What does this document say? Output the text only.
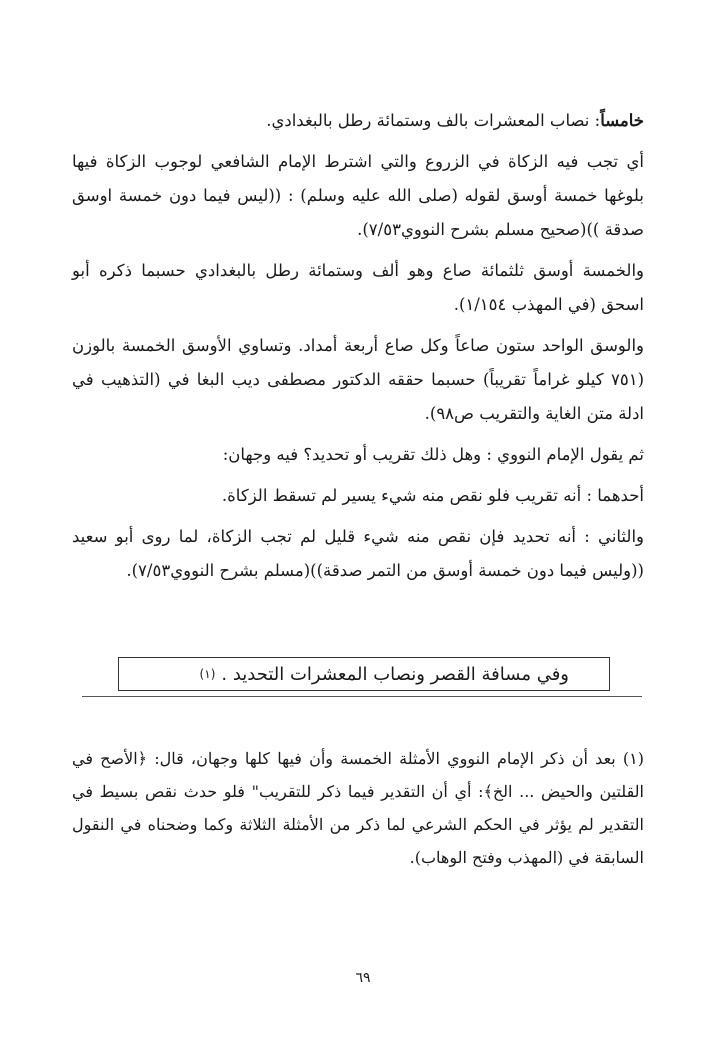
خامساً: نصاب المعشرات بالف وستمائة رطل بالبغدادي.

أي تجب فيه الزكاة في الزروع والتي اشترط الإمام الشافعي لوجوب الزكاة فيها بلوغها خمسة أوسق لقوله (صلى الله عليه وسلم) : ((ليس فيما دون خمسة اوسق صدقة ))(صحيح مسلم بشرح النووي٧/٥٣).

والخمسة أوسق ثلثمائة صاع وهو ألف وستمائة رطل بالبغدادي حسبما ذكره أبو اسحق (في المهذب ١/١٥٤).

والوسق الواحد ستون صاعاً وكل صاع أربعة أمداد. وتساوي الأوسق الخمسة بالوزن (٧٥١ كيلو غراماً تقريباً) حسبما حققه الدكتور مصطفى ديب البغا في (التذهيب في ادلة متن الغاية والتقريب ص٩٨).

ثم يقول الإمام النووي : وهل ذلك تقريب أو تحديد؟ فيه وجهان:

أحدهما : أنه تقريب فلو نقص منه شيء يسير لم تسقط الزكاة.

والثاني : أنه تحديد فإن نقص منه شيء قليل لم تجب الزكاة، لما روى أبو سعيد ((وليس فيما دون خمسة أوسق من التمر صدقة))(مسلم بشرح النووي٧/٥٣).

وفي مسافة القصر ونصاب المعشرات التحديد .
(١)

(١) بعد أن ذكر الإمام النووي الأمثلة الخمسة وأن فيها كلها وجهان، قال: ﴿الأصح في القلتين والحيض ... الخ﴾: أي أن التقدير فيما ذكر للتقريب" فلو حدث نقص بسيط في التقدير لم يؤثر في الحكم الشرعي لما ذكر من الأمثلة الثلاثة وكما وضحناه في النقول السابقة في (المهذب وفتح الوهاب).

٦٩
